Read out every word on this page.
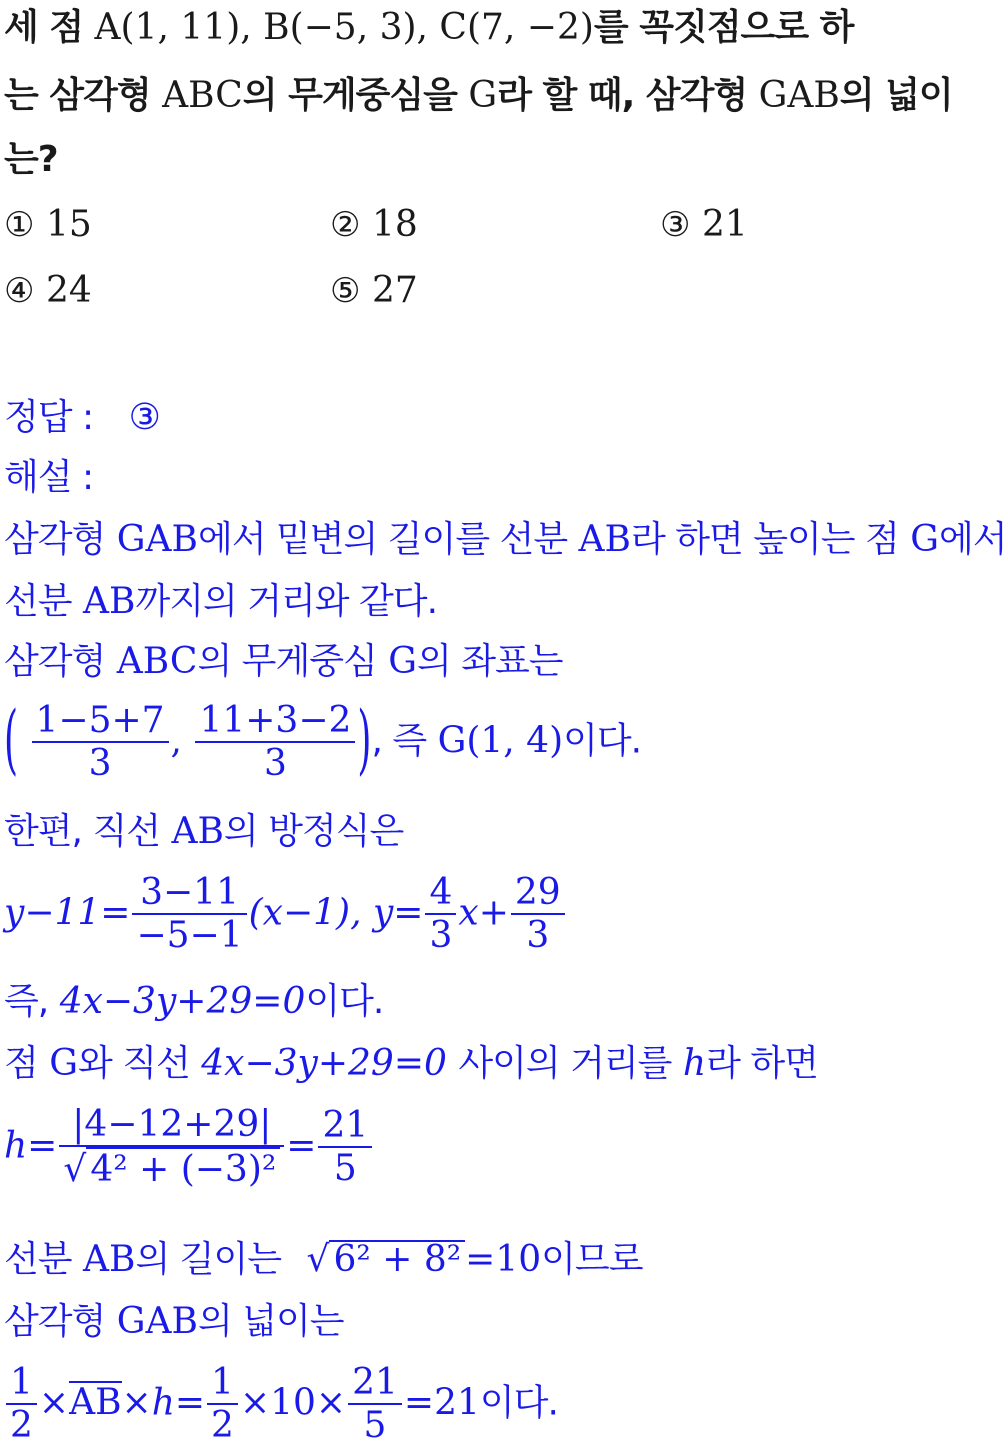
세 점 A(1, 11), B(−5, 3), C(7, −2)를 꼭짓점으로 하
는 삼각형 ABC의 무게중심을 G라 할 때, 삼각형 GAB의 넓이
는?
① 15	② 18	③ 21
④ 24	⑤ 27
정답 : ③
해설 :
삼각형 GAB에서 밑변의 길이를 선분 AB라 하면 높이는 점 G에서
선분 AB까지의 거리와 같다.
삼각형 ABC의 무게중심 G의 좌표는
( $\frac{1-5+7}{3}$ , $\frac{11+3-2}{3}$ ), 즉 G(1, 4)이다.
한편, 직선 AB의 방정식은
$y-11= \frac{3-11}{-5-1} (x-1)$, $y= \frac{4}{3} x+ \frac{29}{3}$
즉, 4x−3y+29=0이다.
점 G와 직선 4x−3y+29=0 사이의 거리를 h라 하면
$h= \frac{|4-12+29|}{\text{√ 4² + (−3)²}} = \frac{21}{5}$
선분 AB의 길이는 √ 6² + 8² =10이므로
삼각형 GAB의 넓이는
$\frac{1}{2} \times AB\times h= \frac{1}{2} \times 10\times \frac{21}{5} =21$이다.
